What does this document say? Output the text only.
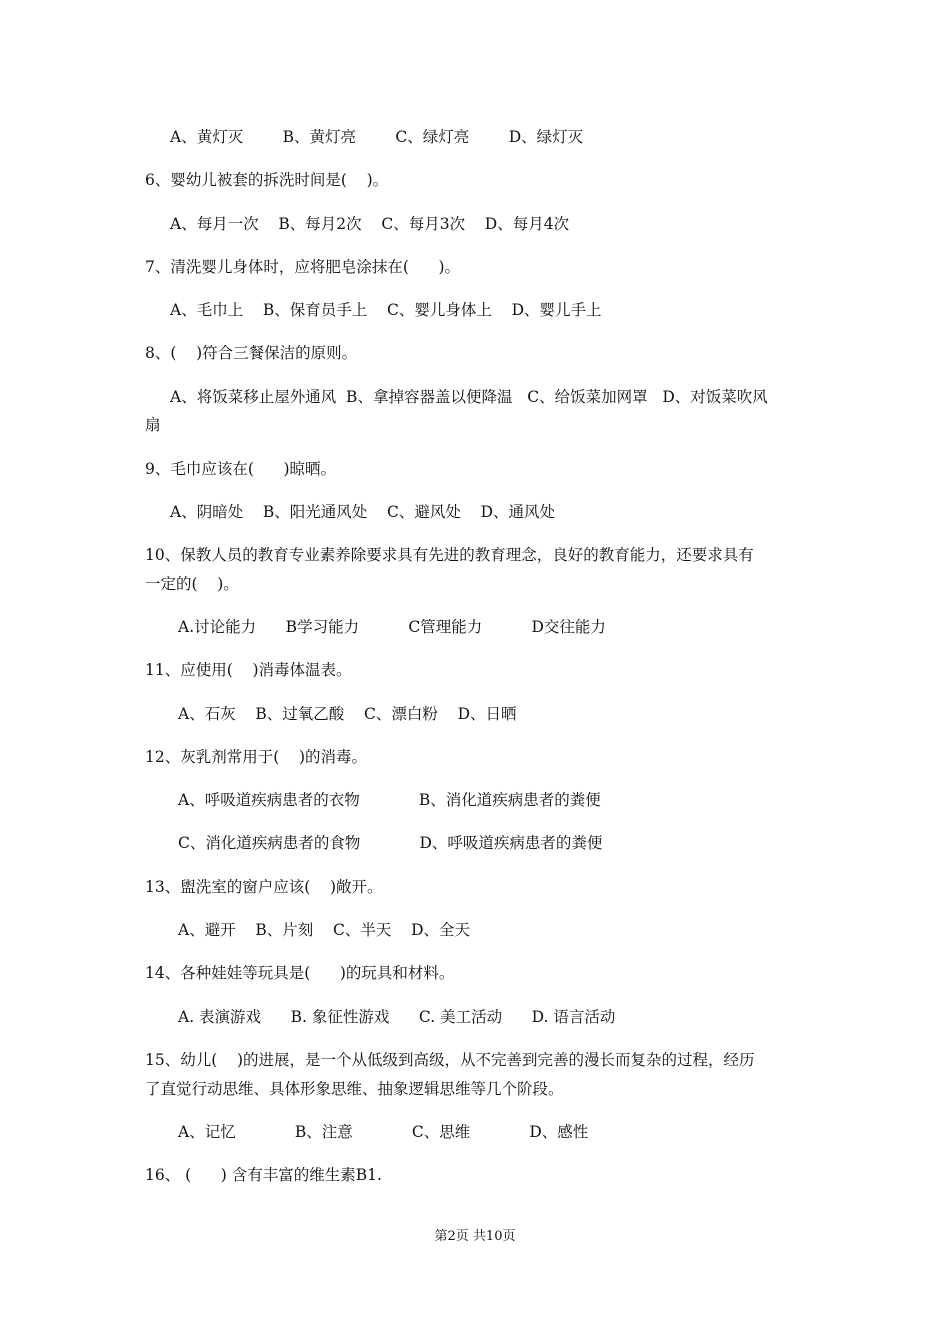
A、黄灯灭        B、黄灯亮        C、绿灯亮        D、绿灯灭
6、婴幼儿被套的拆洗时间是(    )。
A、每月一次    B、每月2次    C、每月3次    D、每月4次
7、清洗婴儿身体时，应将肥皂涂抹在(      )。
A、毛巾上    B、保育员手上    C、婴儿身体上    D、婴儿手上
8、(    )符合三餐保洁的原则。
A、将饭菜移止屋外通风  B、拿掉容器盖以便降温   C、给饭菜加网罩   D、对饭菜吹风
扇
9、毛巾应该在(      )晾晒。
A、阴暗处    B、阳光通风处    C、避风处    D、通风处
10、保教人员的教育专业素养除要求具有先进的教育理念，良好的教育能力，还要求具有
一定的(    )。
A.讨论能力      B学习能力          C管理能力          D交往能力
11、应使用(    )消毒体温表。
A、石灰    B、过氧乙酸    C、漂白粉    D、日晒
12、灰乳剂常用于(    )的消毒。
A、呼吸道疾病患者的衣物            B、消化道疾病患者的粪便
C、消化道疾病患者的食物            D、呼吸道疾病患者的粪便
13、盥洗室的窗户应该(    )敞开。
A、避开    B、片刻    C、半天    D、全天
14、各种娃娃等玩具是(      )的玩具和材料。
A. 表演游戏      B. 象征性游戏      C. 美工活动      D. 语言活动
15、幼儿(    )的进展，是一个从低级到高级，从不完善到完善的漫长而复杂的过程，经历
了直觉行动思维、具体形象思维、抽象逻辑思维等几个阶段。
A、记忆            B、注意            C、思维            D、感性
16、 (      ) 含有丰富的维生素B1.
第2页 共10页
